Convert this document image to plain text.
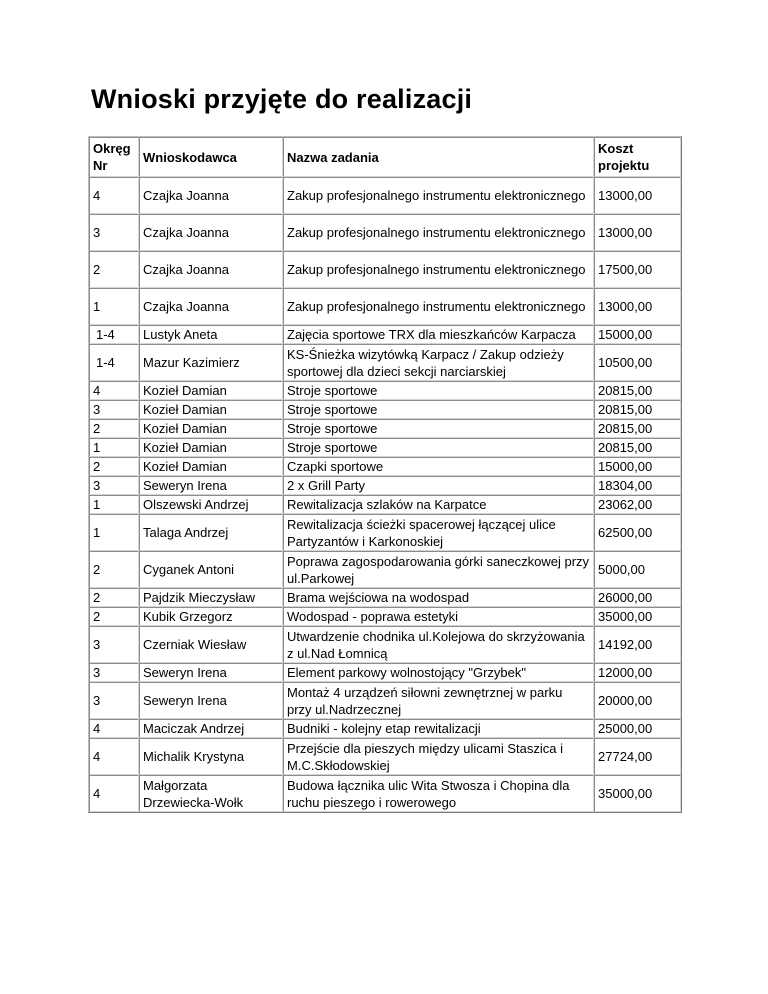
Wnioski przyjęte do realizacji
Okręg Nr	Wnioskodawca	Nazwa zadania	Koszt projektu
4	Czajka Joanna	Zakup profesjonalnego instrumentu elektronicznego	13000,00
3	Czajka Joanna	Zakup profesjonalnego instrumentu elektronicznego	13000,00
2	Czajka Joanna	Zakup profesjonalnego instrumentu elektronicznego	17500,00
1	Czajka Joanna	Zakup profesjonalnego instrumentu elektronicznego	13000,00
1-4	Lustyk Aneta	Zajęcia sportowe TRX dla mieszkańców Karpacza	15000,00
1-4	Mazur Kazimierz	KS-Śnieżka wizytówką Karpacz / Zakup odzieży sportowej dla dzieci sekcji narciarskiej	10500,00
4	Kozieł Damian	Stroje sportowe	20815,00
3	Kozieł Damian	Stroje sportowe	20815,00
2	Kozieł Damian	Stroje sportowe	20815,00
1	Kozieł Damian	Stroje sportowe	20815,00
2	Kozieł Damian	Czapki sportowe	15000,00
3	Seweryn Irena	2 x Grill Party	18304,00
1	Olszewski Andrzej	Rewitalizacja szlaków na Karpatce	23062,00
1	Talaga Andrzej	Rewitalizacja ścieżki spacerowej łączącej ulice Partyzantów i Karkonoskiej	62500,00
2	Cyganek Antoni	Poprawa zagospodarowania górki saneczkowej przy ul.Parkowej	5000,00
2	Pajdzik Mieczysław	Brama wejściowa na wodospad	26000,00
2	Kubik Grzegorz	Wodospad - poprawa estetyki	35000,00
3	Czerniak Wiesław	Utwardzenie chodnika ul.Kolejowa do skrzyżowania z ul.Nad Łomnicą	14192,00
3	Seweryn Irena	Element parkowy wolnostojący "Grzybek"	12000,00
3	Seweryn Irena	Montaż 4 urządzeń siłowni zewnętrznej w parku przy ul.Nadrzecznej	20000,00
4	Maciczak Andrzej	Budniki - kolejny etap rewitalizacji	25000,00
4	Michalik Krystyna	Przejście dla pieszych między ulicami Staszica i M.C.Skłodowskiej	27724,00
4	Małgorzata Drzewiecka-Wołk	Budowa łącznika ulic Wita Stwosza i Chopina dla ruchu pieszego i rowerowego	35000,00
